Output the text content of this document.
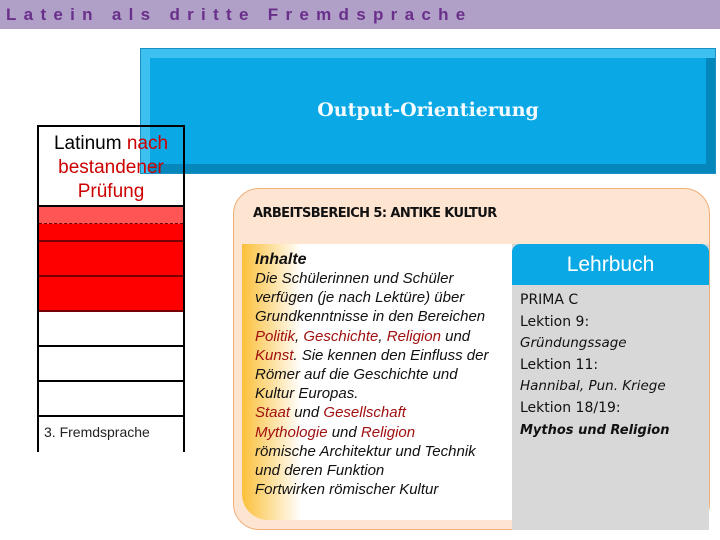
Latein als dritte Fremdsprache
Output-Orientierung
Latinum nach
bestandener
Prüfung
3. Fremdsprache
ARBEITSBEREICH 5: ANTIKE KULTUR
Inhalte
Die Schülerinnen und Schüler
verfügen (je nach Lektüre) über
Grundkenntnisse in den Bereichen
Politik, Geschichte, Religion und
Kunst. Sie kennen den Einfluss der
Römer auf die Geschichte und
Kultur Europas.
Staat und Gesellschaft
Mythologie und Religion
römische Architektur und Technik
und deren Funktion
Fortwirken römischer Kultur
Lehrbuch
PRIMA C
Lektion 9:
Gründungssage
Lektion 11:
Hannibal, Pun. Kriege
Lektion 18/19:
Mythos und Religion
